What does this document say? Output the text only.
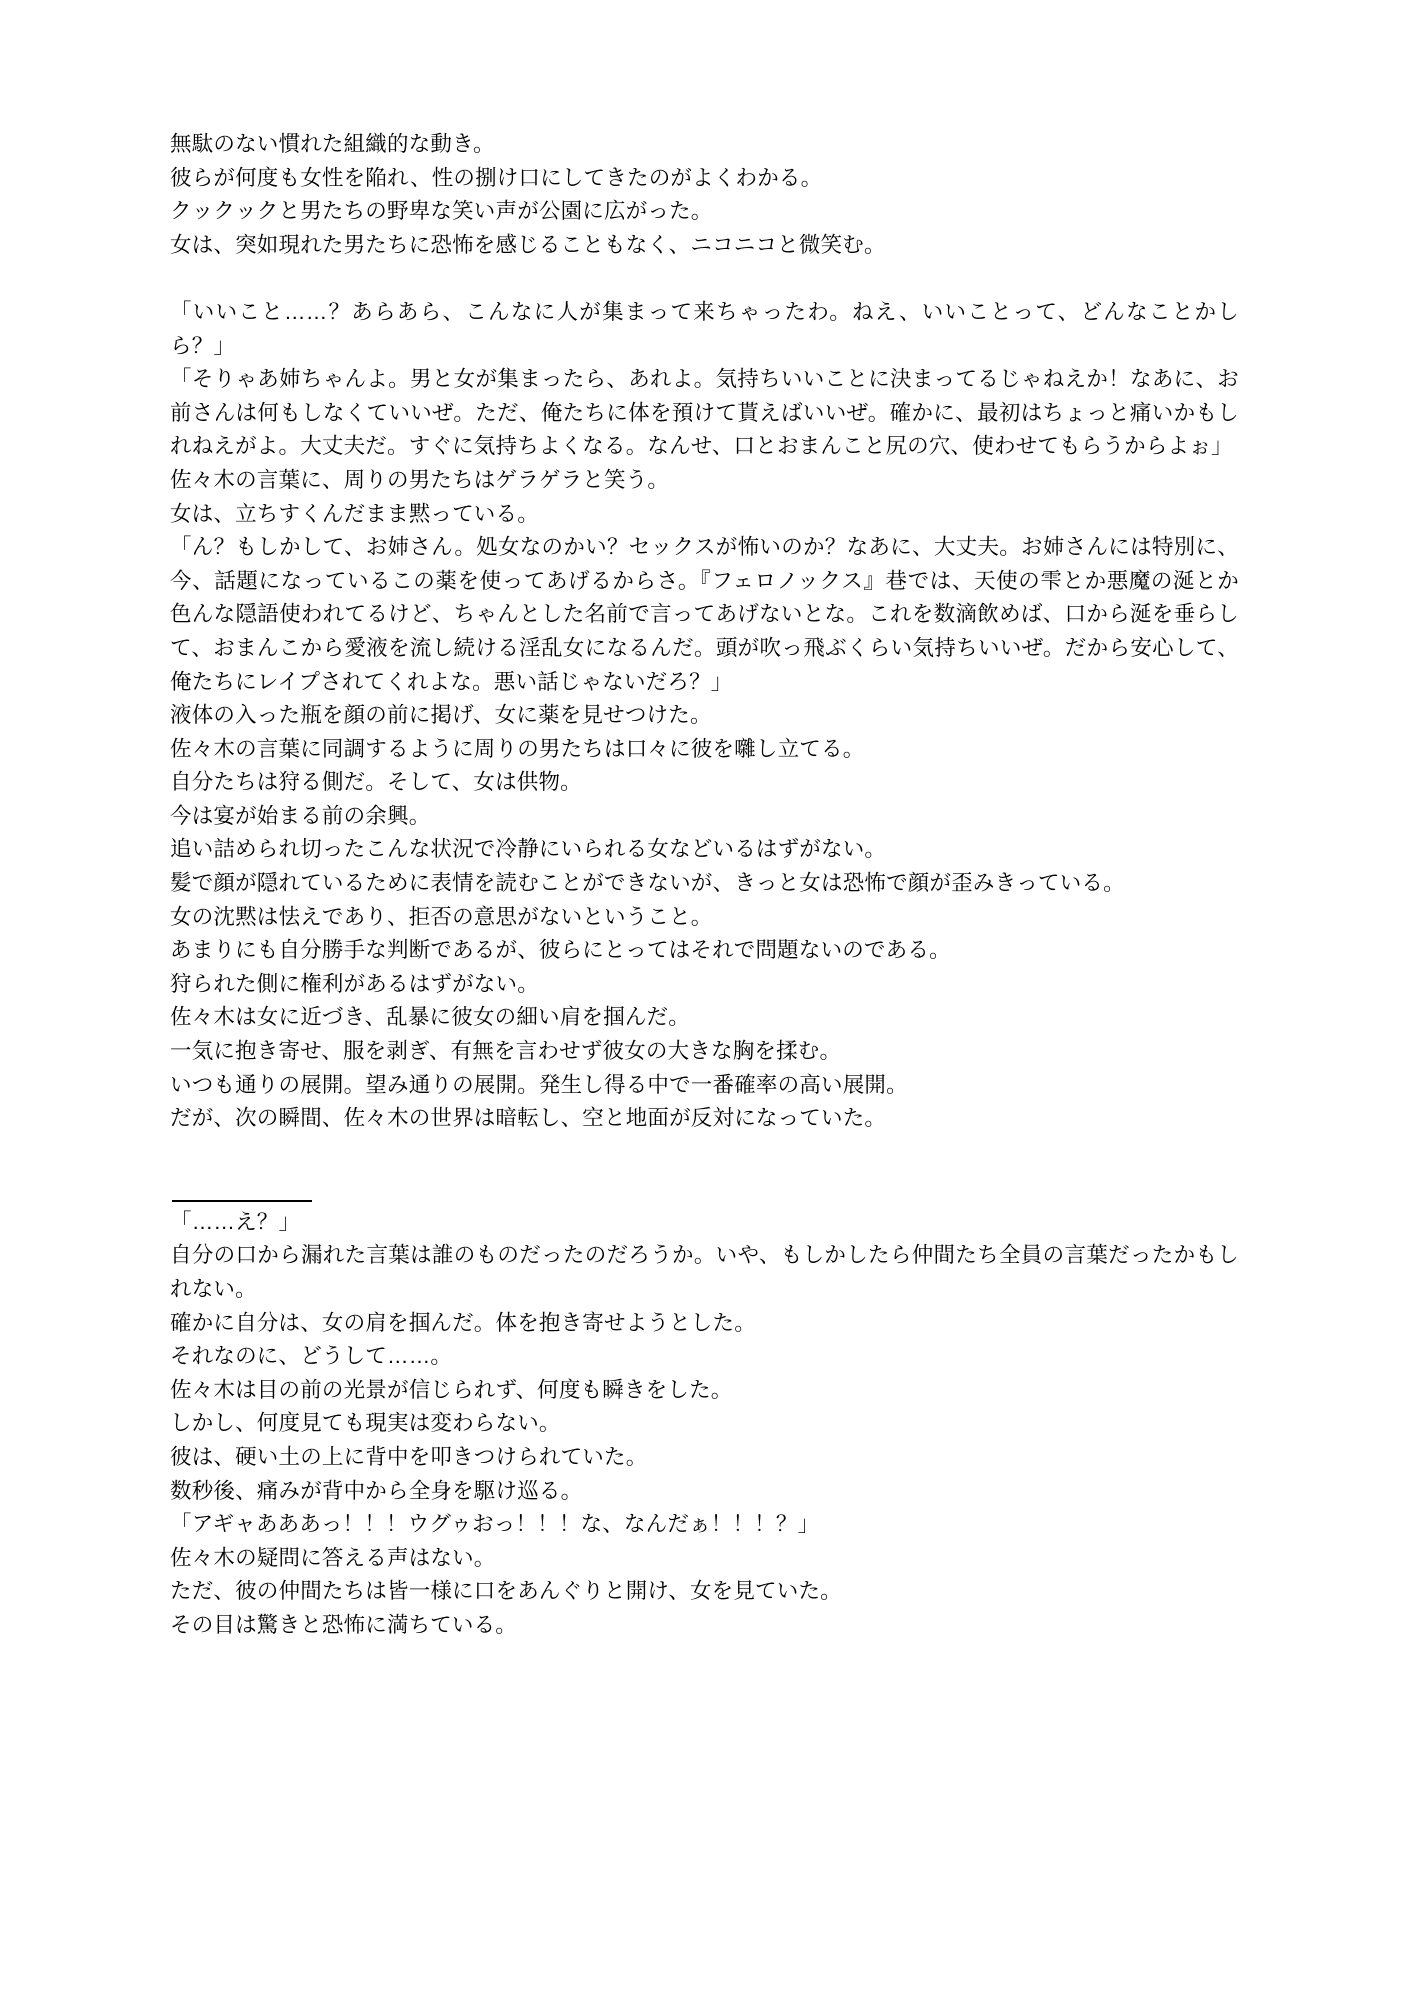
無駄のない慣れた組織的な動き。

彼らが何度も女性を陥れ、性の捌け口にしてきたのがよくわかる。

クックックと男たちの野卑な笑い声が公園に広がった。

女は、突如現れた男たちに恐怖を感じることもなく、ニコニコと微笑む。

「いいこと……？あらあら、こんなに人が集まって来ちゃったわ。ねえ、いいことって、どんなことかしら？」

「そりゃあ姉ちゃんよ。男と女が集まったら、あれよ。気持ちいいことに決まってるじゃねえか！なあに、お前さんは何もしなくていいぜ。ただ、俺たちに体を預けて貰えばいいぜ。確かに、最初はちょっと痛いかもしれねえがよ。大丈夫だ。すぐに気持ちよくなる。なんせ、口とおまんこと尻の穴、使わせてもらうからよぉ」

佐々木の言葉に、周りの男たちはゲラゲラと笑う。

女は、立ちすくんだまま黙っている。

「ん？もしかして、お姉さん。処女なのかい？セックスが怖いのか？なあに、大丈夫。お姉さんには特別に、今、話題になっているこの薬を使ってあげるからさ。『フェロノックス』巷では、天使の雫とか悪魔の涎とか色んな隠語使われてるけど、ちゃんとした名前で言ってあげないとな。これを数滴飲めば、口から涎を垂らして、おまんこから愛液を流し続ける淫乱女になるんだ。頭が吹っ飛ぶくらい気持ちいいぜ。だから安心して、俺たちにレイプされてくれよな。悪い話じゃないだろ？」

液体の入った瓶を顔の前に掲げ、女に薬を見せつけた。

佐々木の言葉に同調するように周りの男たちは口々に彼を囃し立てる。

自分たちは狩る側だ。そして、女は供物。

今は宴が始まる前の余興。

追い詰められ切ったこんな状況で冷静にいられる女などいるはずがない。

髪で顔が隠れているために表情を読むことができないが、きっと女は恐怖で顔が歪みきっている。

女の沈黙は怯えであり、拒否の意思がないということ。

あまりにも自分勝手な判断であるが、彼らにとってはそれで問題ないのである。

狩られた側に権利があるはずがない。

佐々木は女に近づき、乱暴に彼女の細い肩を掴んだ。

一気に抱き寄せ、服を剥ぎ、有無を言わせず彼女の大きな胸を揉む。

いつも通りの展開。望み通りの展開。発生し得る中で一番確率の高い展開。

だが、次の瞬間、佐々木の世界は暗転し、空と地面が反対になっていた。

「……え？」

自分の口から漏れた言葉は誰のものだったのだろうか。いや、もしかしたら仲間たち全員の言葉だったかもしれない。

確かに自分は、女の肩を掴んだ。体を抱き寄せようとした。

それなのに、どうして……。

佐々木は目の前の光景が信じられず、何度も瞬きをした。

しかし、何度見ても現実は変わらない。

彼は、硬い土の上に背中を叩きつけられていた。

数秒後、痛みが背中から全身を駆け巡る。

「アギャあああっ！！！ウグゥおっ！！！な、なんだぁ！！！？」

佐々木の疑問に答える声はない。

ただ、彼の仲間たちは皆一様に口をあんぐりと開け、女を見ていた。

その目は驚きと恐怖に満ちている。
